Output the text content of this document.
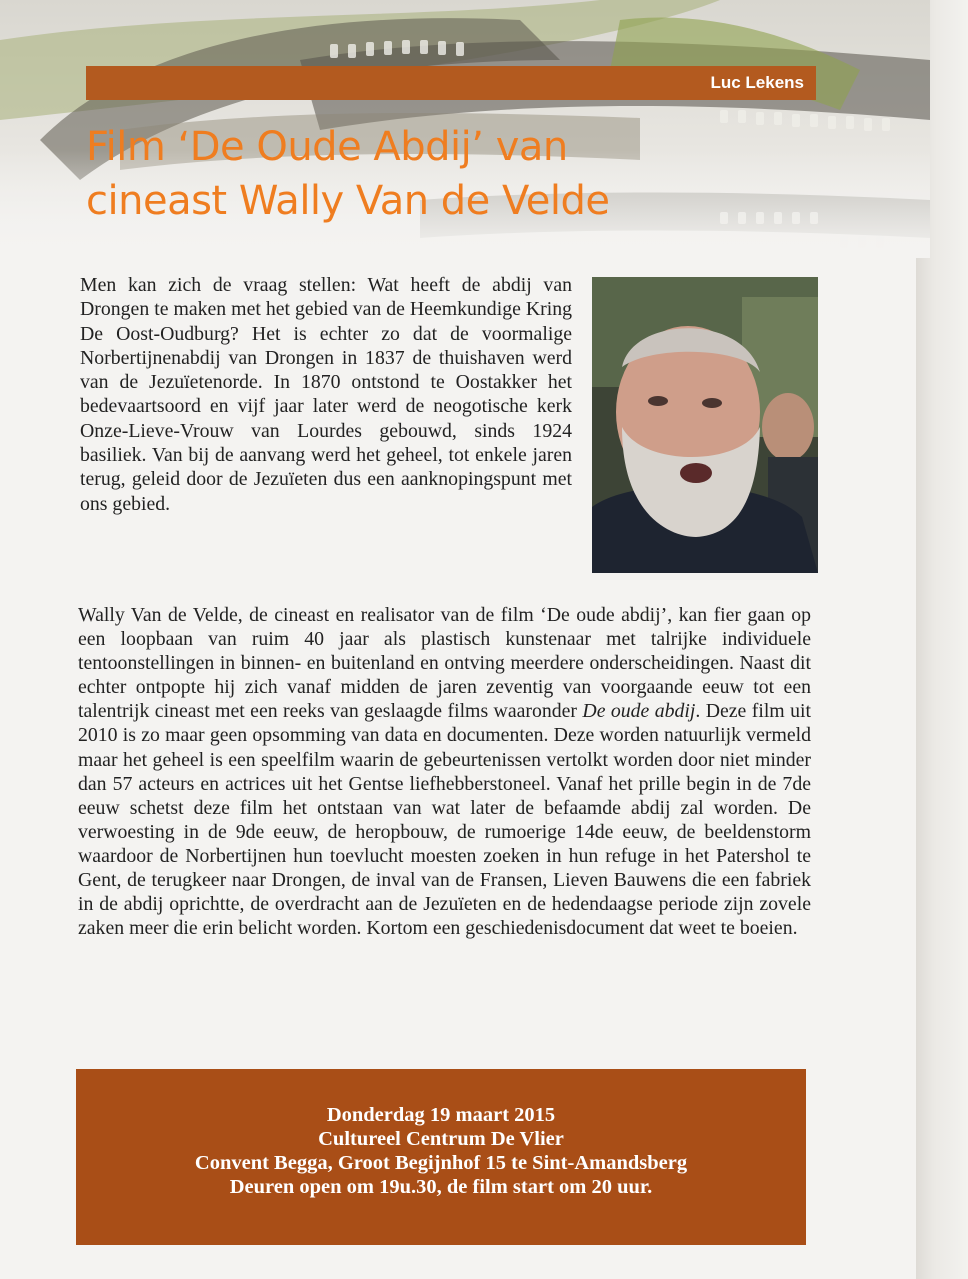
Luc Lekens
Film ‘De Oude Abdij’ van
cineast Wally Van de Velde

Men kan zich de vraag stellen: Wat heeft de abdij van Drongen te maken met het gebied van de Heemkundige Kring De Oost-Oudburg? Het is echter zo dat de voormalige Norbertijnenabdij van Drongen in 1837 de thuishaven werd van de Jezuïetenorde. In 1870 ontstond te Oostakker het bedevaartsoord en vijf jaar later werd de neogotische kerk Onze-Lieve-Vrouw van Lourdes gebouwd, sinds 1924 basiliek. Van bij de aanvang werd het geheel, tot enkele jaren terug, geleid door de Jezuïeten dus een aanknopingspunt met ons gebied.

Wally Van de Velde, de cineast en realisator van de film ‘De oude abdij’, kan fier gaan op een loopbaan van ruim 40 jaar als plastisch kunstenaar met talrijke individuele tentoonstellingen in binnen- en buitenland en ontving meerdere onderscheidingen. Naast dit echter ontpopte hij zich vanaf midden de jaren zeventig van voorgaande eeuw tot een talentrijk cineast met een reeks van geslaagde films waaronder De oude abdij. Deze film uit 2010 is zo maar geen opsomming van data en documenten. Deze worden natuurlijk vermeld maar het geheel is een speelfilm waarin de gebeurtenissen vertolkt worden door niet minder dan 57 acteurs en actrices uit het Gentse liefhebberstoneel. Vanaf het prille begin in de 7de eeuw schetst deze film het ontstaan van wat later de befaamde abdij zal worden. De verwoesting in de 9de eeuw, de heropbouw, de rumoerige 14de eeuw, de beeldenstorm waardoor de Norbertijnen hun toevlucht moesten zoeken in hun refuge in het Patershol te Gent, de terugkeer naar Drongen, de inval van de Fransen, Lieven Bauwens die een fabriek in de abdij oprichtte, de overdracht aan de Jezuïeten en de hedendaagse periode zijn zovele zaken meer die erin belicht worden. Kortom een geschiedenisdocument dat weet te boeien.

Donderdag 19 maart 2015
Cultureel Centrum De Vlier
Convent Begga, Groot Begijnhof 15 te Sint-Amandsberg
Deuren open om 19u.30, de film start om 20 uur.
